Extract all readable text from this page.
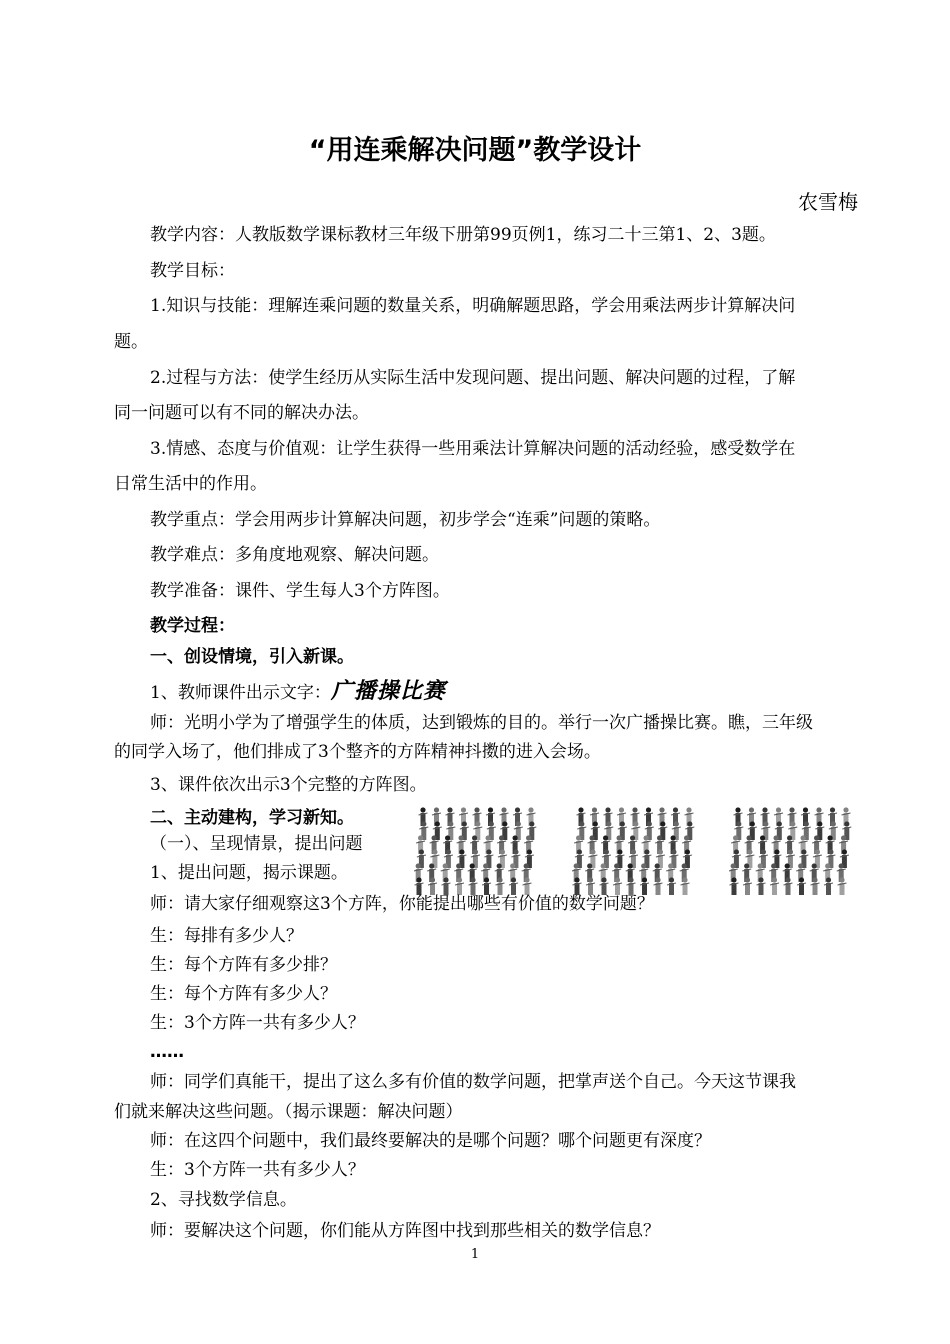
“用连乘解决问题”教学设计
农雪梅
教学内容：人教版数学课标教材三年级下册第99页例1，练习二十三第1、2、3题。
教学目标：
1.知识与技能：理解连乘问题的数量关系，明确解题思路，学会用乘法两步计算解决问
题。
2.过程与方法：使学生经历从实际生活中发现问题、提出问题、解决问题的过程，了解
同一问题可以有不同的解决办法。
3.情感、态度与价值观：让学生获得一些用乘法计算解决问题的活动经验，感受数学在
日常生活中的作用。
教学重点：学会用两步计算解决问题，初步学会“连乘”问题的策略。
教学难点：多角度地观察、解决问题。
教学准备：课件、学生每人3个方阵图。
教学过程：
一、创设情境，引入新课。
1、教师课件出示文字：广播操比赛
师：光明小学为了增强学生的体质，达到锻炼的目的。举行一次广播操比赛。瞧，三年级
的同学入场了，他们排成了3个整齐的方阵精神抖擞的进入会场。
3、课件依次出示3个完整的方阵图。
二、主动建构，学习新知。
（一）、呈现情景，提出问题
1、提出问题，揭示课题。
师：请大家仔细观察这3个方阵，你能提出哪些有价值的数学问题？
生：每排有多少人？
生：每个方阵有多少排？
生：每个方阵有多少人？
生：3个方阵一共有多少人？
……
师：同学们真能干，提出了这么多有价值的数学问题，把掌声送个自己。今天这节课我
们就来解决这些问题。（揭示课题：解决问题）
师：在这四个问题中，我们最终要解决的是哪个问题？哪个问题更有深度？
生：3个方阵一共有多少人？
2、寻找数学信息。
师：要解决这个问题，你们能从方阵图中找到那些相关的数学信息？
1
